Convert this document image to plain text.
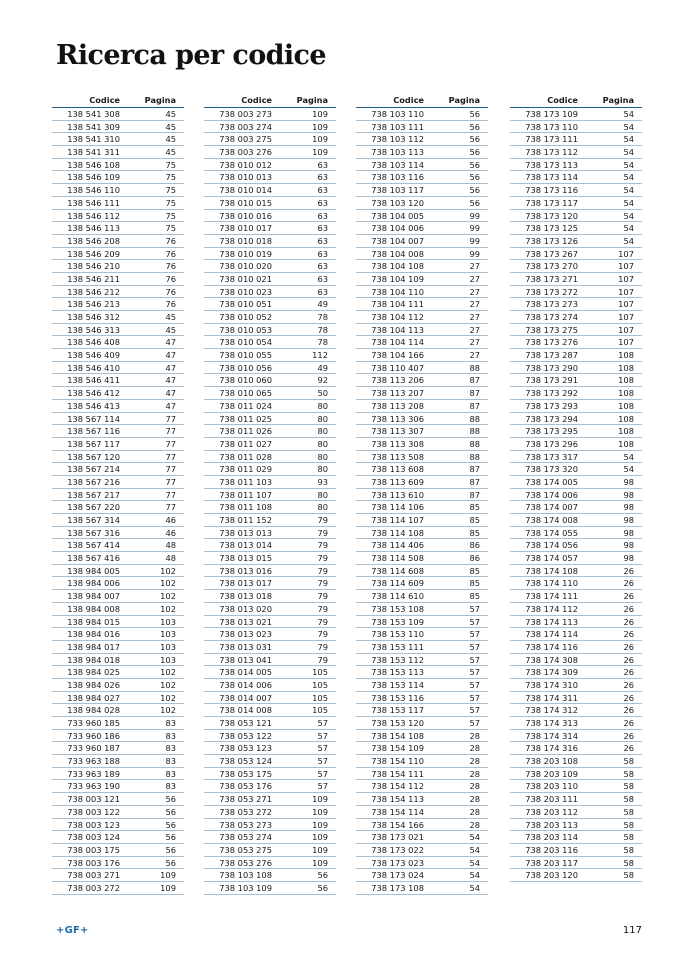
Ricerca per codice
Codice	Pagina
138 541 308	45
138 541 309	45
138 541 310	45
138 541 311	45
138 546 108	75
138 546 109	75
138 546 110	75
138 546 111	75
138 546 112	75
138 546 113	75
138 546 208	76
138 546 209	76
138 546 210	76
138 546 211	76
138 546 212	76
138 546 213	76
138 546 312	45
138 546 313	45
138 546 408	47
138 546 409	47
138 546 410	47
138 546 411	47
138 546 412	47
138 546 413	47
138 567 114	77
138 567 116	77
138 567 117	77
138 567 120	77
138 567 214	77
138 567 216	77
138 567 217	77
138 567 220	77
138 567 314	46
138 567 316	46
138 567 414	48
138 567 416	48
138 984 005	102
138 984 006	102
138 984 007	102
138 984 008	102
138 984 015	103
138 984 016	103
138 984 017	103
138 984 018	103
138 984 025	102
138 984 026	102
138 984 027	102
138 984 028	102
733 960 185	83
733 960 186	83
733 960 187	83
733 963 188	83
733 963 189	83
733 963 190	83
738 003 121	56
738 003 122	56
738 003 123	56
738 003 124	56
738 003 175	56
738 003 176	56
738 003 271	109
738 003 272	109
Codice	Pagina
738 003 273	109
738 003 274	109
738 003 275	109
738 003 276	109
738 010 012	63
738 010 013	63
738 010 014	63
738 010 015	63
738 010 016	63
738 010 017	63
738 010 018	63
738 010 019	63
738 010 020	63
738 010 021	63
738 010 023	63
738 010 051	49
738 010 052	78
738 010 053	78
738 010 054	78
738 010 055	112
738 010 056	49
738 010 060	92
738 010 065	50
738 011 024	80
738 011 025	80
738 011 026	80
738 011 027	80
738 011 028	80
738 011 029	80
738 011 103	93
738 011 107	80
738 011 108	80
738 011 152	79
738 013 013	79
738 013 014	79
738 013 015	79
738 013 016	79
738 013 017	79
738 013 018	79
738 013 020	79
738 013 021	79
738 013 023	79
738 013 031	79
738 013 041	79
738 014 005	105
738 014 006	105
738 014 007	105
738 014 008	105
738 053 121	57
738 053 122	57
738 053 123	57
738 053 124	57
738 053 175	57
738 053 176	57
738 053 271	109
738 053 272	109
738 053 273	109
738 053 274	109
738 053 275	109
738 053 276	109
738 103 108	56
738 103 109	56
Codice	Pagina
738 103 110	56
738 103 111	56
738 103 112	56
738 103 113	56
738 103 114	56
738 103 116	56
738 103 117	56
738 103 120	56
738 104 005	99
738 104 006	99
738 104 007	99
738 104 008	99
738 104 108	27
738 104 109	27
738 104 110	27
738 104 111	27
738 104 112	27
738 104 113	27
738 104 114	27
738 104 166	27
738 110 407	88
738 113 206	87
738 113 207	87
738 113 208	87
738 113 306	88
738 113 307	88
738 113 308	88
738 113 508	88
738 113 608	87
738 113 609	87
738 113 610	87
738 114 106	85
738 114 107	85
738 114 108	85
738 114 406	86
738 114 508	86
738 114 608	85
738 114 609	85
738 114 610	85
738 153 108	57
738 153 109	57
738 153 110	57
738 153 111	57
738 153 112	57
738 153 113	57
738 153 114	57
738 153 116	57
738 153 117	57
738 153 120	57
738 154 108	28
738 154 109	28
738 154 110	28
738 154 111	28
738 154 112	28
738 154 113	28
738 154 114	28
738 154 166	28
738 173 021	54
738 173 022	54
738 173 023	54
738 173 024	54
738 173 108	54
Codice	Pagina
738 173 109	54
738 173 110	54
738 173 111	54
738 173 112	54
738 173 113	54
738 173 114	54
738 173 116	54
738 173 117	54
738 173 120	54
738 173 125	54
738 173 126	54
738 173 267	107
738 173 270	107
738 173 271	107
738 173 272	107
738 173 273	107
738 173 274	107
738 173 275	107
738 173 276	107
738 173 287	108
738 173 290	108
738 173 291	108
738 173 292	108
738 173 293	108
738 173 294	108
738 173 295	108
738 173 296	108
738 173 317	54
738 173 320	54
738 174 005	98
738 174 006	98
738 174 007	98
738 174 008	98
738 174 055	98
738 174 056	98
738 174 057	98
738 174 108	26
738 174 110	26
738 174 111	26
738 174 112	26
738 174 113	26
738 174 114	26
738 174 116	26
738 174 308	26
738 174 309	26
738 174 310	26
738 174 311	26
738 174 312	26
738 174 313	26
738 174 314	26
738 174 316	26
738 203 108	58
738 203 109	58
738 203 110	58
738 203 111	58
738 203 112	58
738 203 113	58
738 203 114	58
738 203 116	58
738 203 117	58
738 203 120	58
+GF+	117
